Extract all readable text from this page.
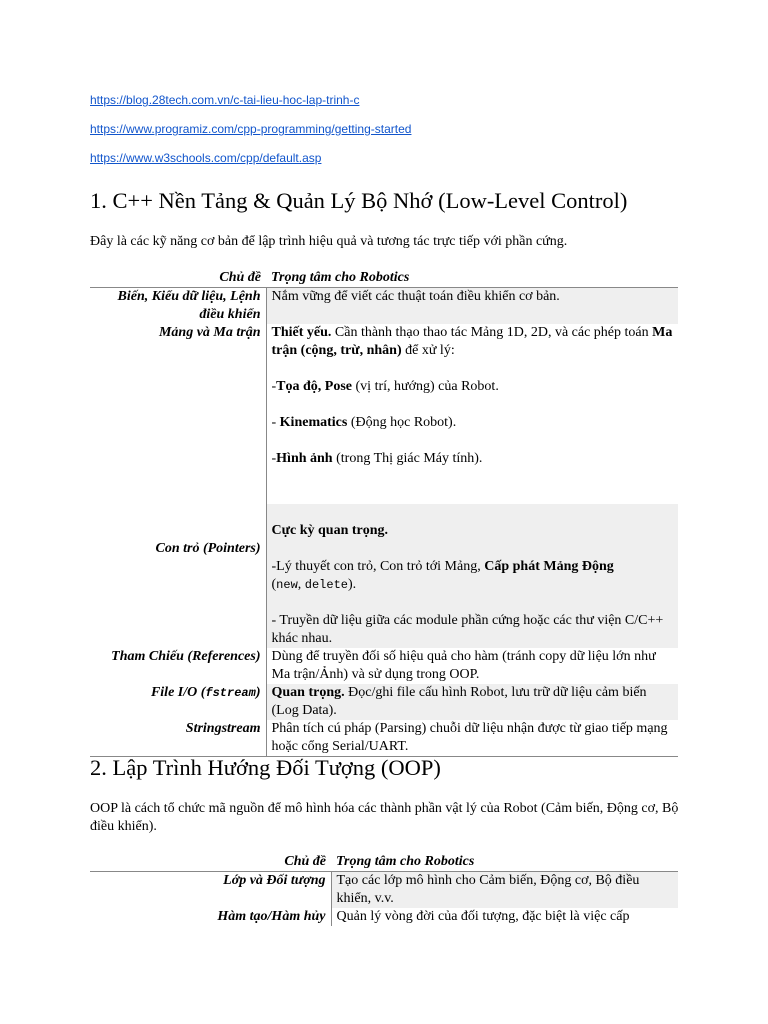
https://blog.28tech.com.vn/c-tai-lieu-hoc-lap-trinh-c
https://www.programiz.com/cpp-programming/getting-started
https://www.w3schools.com/cpp/default.asp
1. C++ Nền Tảng & Quản Lý Bộ Nhớ (Low-Level Control)
Đây là các kỹ năng cơ bản để lập trình hiệu quả và tương tác trực tiếp với phần cứng.
Chủ đề	Trọng tâm cho Robotics
Biến, Kiểu dữ liệu, Lệnh điều khiển	Nắm vững để viết các thuật toán điều khiển cơ bản.
Mảng và Ma trận	Thiết yếu. Cần thành thạo thao tác Mảng 1D, 2D, và các phép toán Ma trận (cộng, trừ, nhân) để xử lý:
-Tọa độ, Pose (vị trí, hướng) của Robot.
- Kinematics (Động học Robot).
-Hình ảnh (trong Thị giác Máy tính).

Con trỏ (Pointers)	Cực kỳ quan trọng.
-Lý thuyết con trỏ, Con trỏ tới Mảng, Cấp phát Mảng Động
(new, delete).
- Truyền dữ liệu giữa các module phần cứng hoặc các thư viện C/C++ khác nhau.

Tham Chiếu (References)	Dùng để truyền đối số hiệu quả cho hàm (tránh copy dữ liệu lớn như Ma trận/Ảnh) và sử dụng trong OOP.
File I/O (fstream)	Quan trọng. Đọc/ghi file cấu hình Robot, lưu trữ dữ liệu cảm biến (Log Data).
Stringstream	Phân tích cú pháp (Parsing) chuỗi dữ liệu nhận được từ giao tiếp mạng hoặc cổng Serial/UART.
2. Lập Trình Hướng Đối Tượng (OOP)
OOP là cách tổ chức mã nguồn để mô hình hóa các thành phần vật lý của Robot (Cảm biến, Động cơ, Bộ điều khiển).
Chủ đề	Trọng tâm cho Robotics
Lớp và Đối tượng	Tạo các lớp mô hình cho Cảm biến, Động cơ, Bộ điều khiển, v.v.
Hàm tạo/Hàm hủy	Quản lý vòng đời của đối tượng, đặc biệt là việc cấp
